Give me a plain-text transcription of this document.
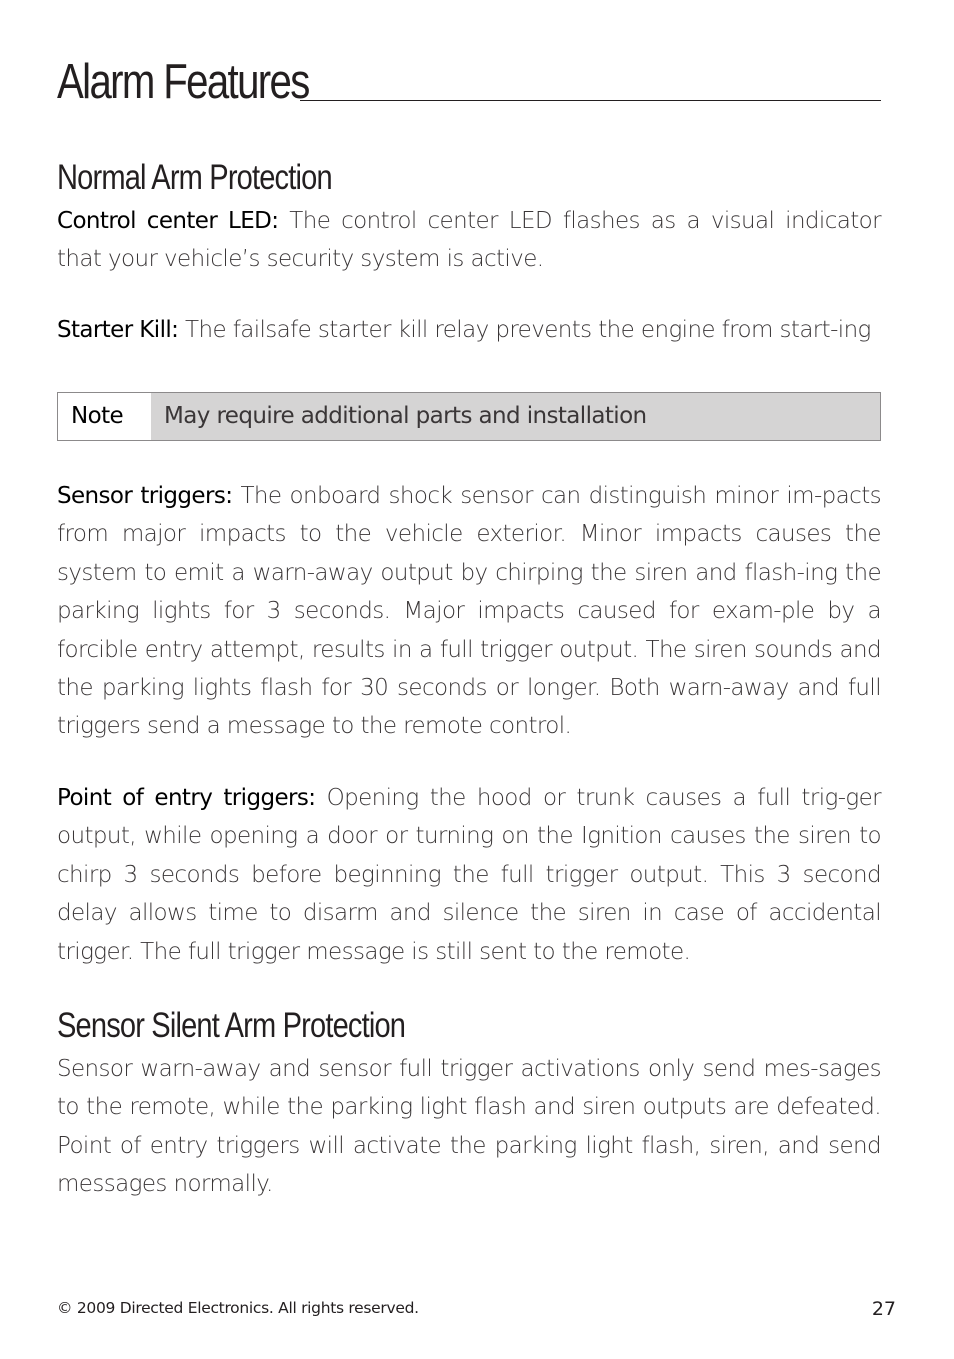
Alarm Features
Normal Arm Protection

Control center LED: The control center LED flashes as a visual indicator that your vehicle’s security system is active.

Starter Kill: The failsafe starter kill relay prevents the engine from start-ing

Note	May require additional parts and installation

Sensor triggers: The onboard shock sensor can distinguish minor im-pacts from major impacts to the vehicle exterior. Minor impacts causes the system to emit a warn-away output by chirping the siren and flash-ing the parking lights for 3 seconds. Major impacts caused for exam-ple by a forcible entry attempt, results in a full trigger output. The siren sounds and the parking lights flash for 30 seconds or longer. Both warn-away and full triggers send a message to the remote control.

Point of entry triggers: Opening the hood or trunk causes a full trig-ger output, while opening a door or turning on the Ignition causes the siren to chirp 3 seconds before beginning the full trigger output. This 3 second delay allows time to disarm and silence the siren in case of accidental trigger. The full trigger message is still sent to the remote.

Sensor Silent Arm Protection

Sensor warn-away and sensor full trigger activations only send mes-sages to the remote, while the parking light flash and siren outputs are defeated. Point of entry triggers will activate the parking light flash, siren, and send messages normally.

© 2009 Directed Electronics. All rights reserved.	27
